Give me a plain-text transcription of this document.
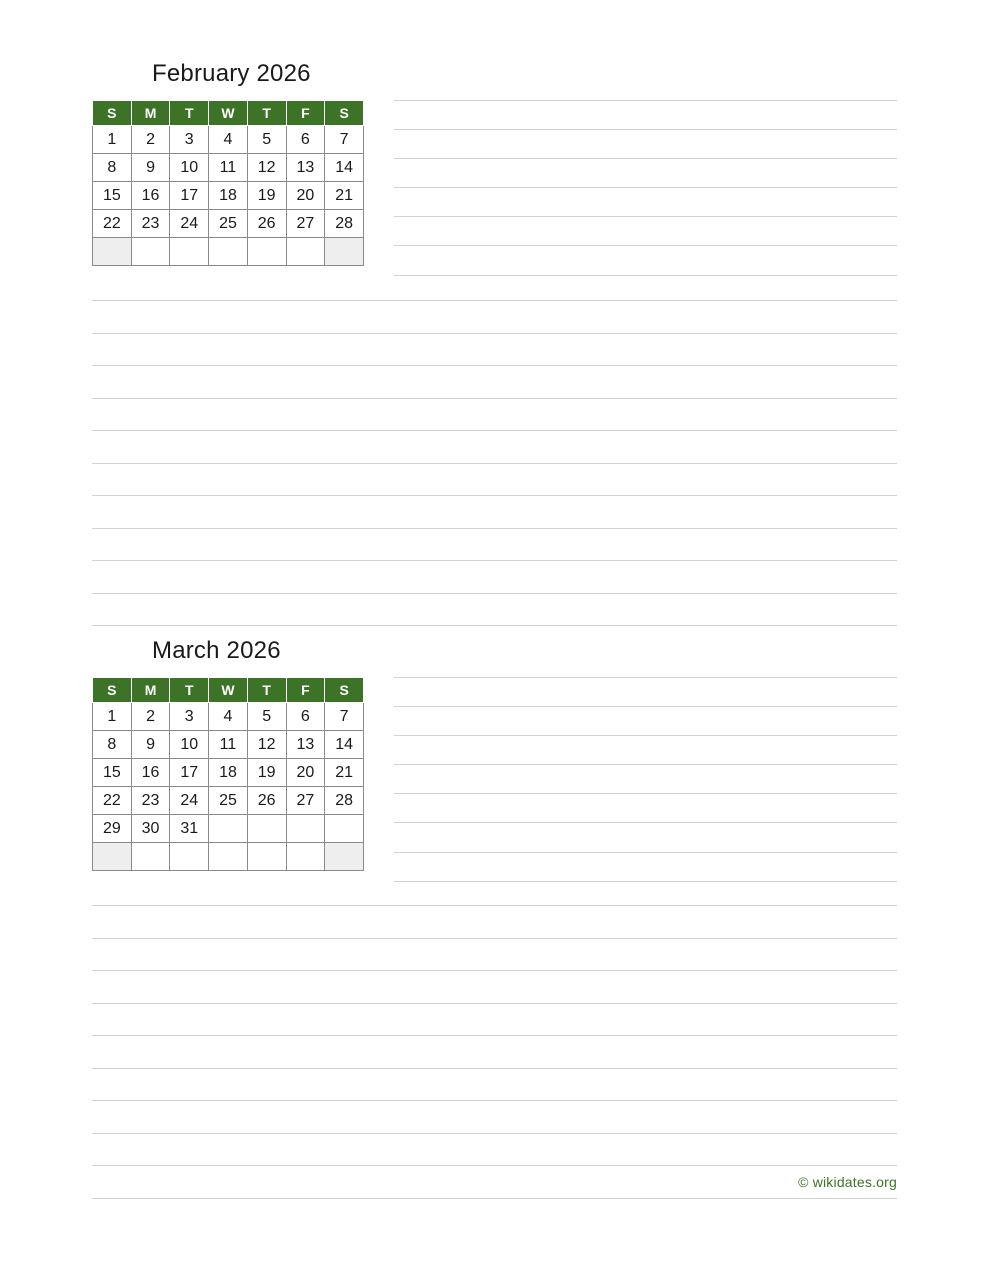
February 2026
S	M	T	W	T	F	S
1	2	3	4	5	6	7
8	9	10	11	12	13	14
15	16	17	18	19	20	21
22	23	24	25	26	27	28

March 2026
S	M	T	W	T	F	S
1	2	3	4	5	6	7
8	9	10	11	12	13	14
15	16	17	18	19	20	21
22	23	24	25	26	27	28
29	30	31				

© wikidates.org
